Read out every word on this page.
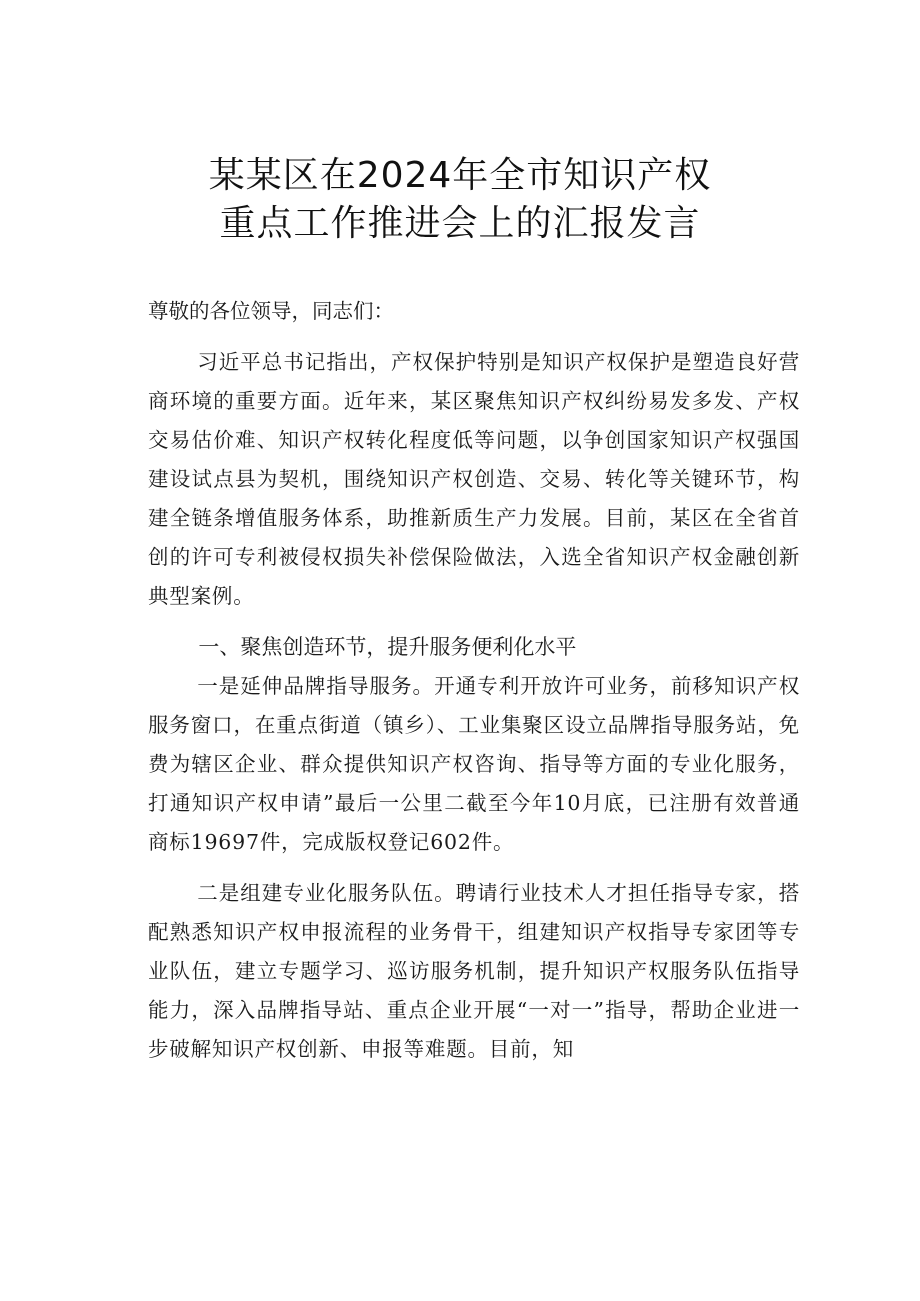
某某区在2024年全市知识产权
重点工作推进会上的汇报发言

尊敬的各位领导，同志们：

习近平总书记指出，产权保护特别是知识产权保护是塑造良好营商环境的重要方面。近年来，某区聚焦知识产权纠纷易发多发、产权交易估价难、知识产权转化程度低等问题，以争创国家知识产权强国建设试点县为契机，围绕知识产权创造、交易、转化等关键环节，构建全链条增值服务体系，助推新质生产力发展。目前，某区在全省首创的许可专利被侵权损失补偿保险做法，入选全省知识产权金融创新典型案例。

一、聚焦创造环节，提升服务便利化水平

一是延伸品牌指导服务。开通专利开放许可业务，前移知识产权服务窗口，在重点街道（镇乡）、工业集聚区设立品牌指导服务站，免费为辖区企业、群众提供知识产权咨询、指导等方面的专业化服务，打通知识产权申请”最后一公里二截至今年10月底，已注册有效普通商标19697件，完成版权登记602件。

二是组建专业化服务队伍。聘请行业技术人才担任指导专家，搭配熟悉知识产权申报流程的业务骨干，组建知识产权指导专家团等专业队伍，建立专题学习、巡访服务机制，提升知识产权服务队伍指导能力，深入品牌指导站、重点企业开展“一对一”指导，帮助企业进一步破解知识产权创新、申报等难题。目前，知
